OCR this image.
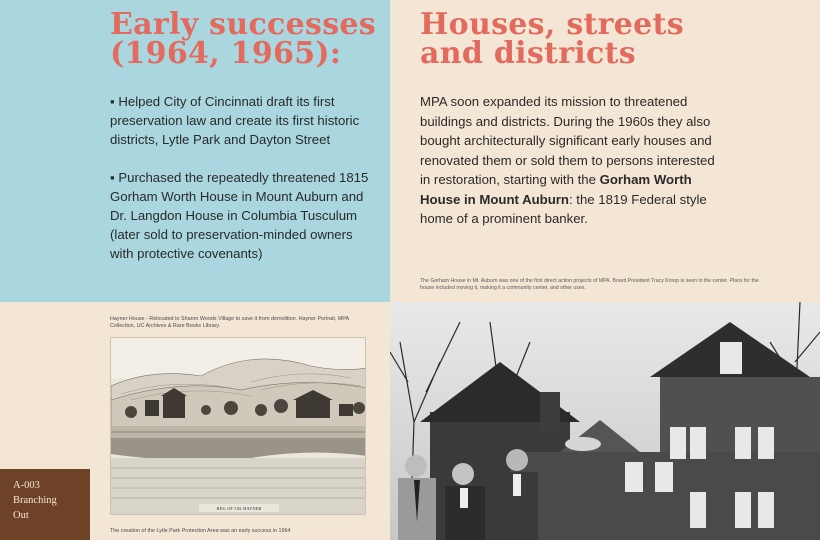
Early successes
(1964, 1965):

▪ Helped City of Cincinnati draft its first preservation law and create its first historic districts, Lytle Park and Dayton Street

▪ Purchased the repeatedly threatened 1815 Gorham Worth House in Mount Auburn and Dr. Langdon House in Columbia Tusculum (later sold to preservation-minded owners with protective covenants)

Houses, streets
and districts

MPA soon expanded its mission to threatened buildings and districts. During the 1960s they also bought architecturally significant early houses and renovated them or sold them to persons interested in restoration, starting with the Gorham Worth House in Mount Auburn: the 1819 Federal style home of a prominent banker.

The Gorham House in Mt. Auburn was one of the first direct action projects of MPA. Board President Tracy Kroop is seen in the center. Plans for the house included moving it, making it a community center, and other uses.

Hayner House - Relocated to Sharon Woods Village to save it from demolition. Hayner Portrait, MPA Collection, UC Archives & Rare Books Library.

RES. OF J.M. HAYNER

The creation of the Lytle Park Protection Area was an early success in 1964

A-003
Branching
Out
